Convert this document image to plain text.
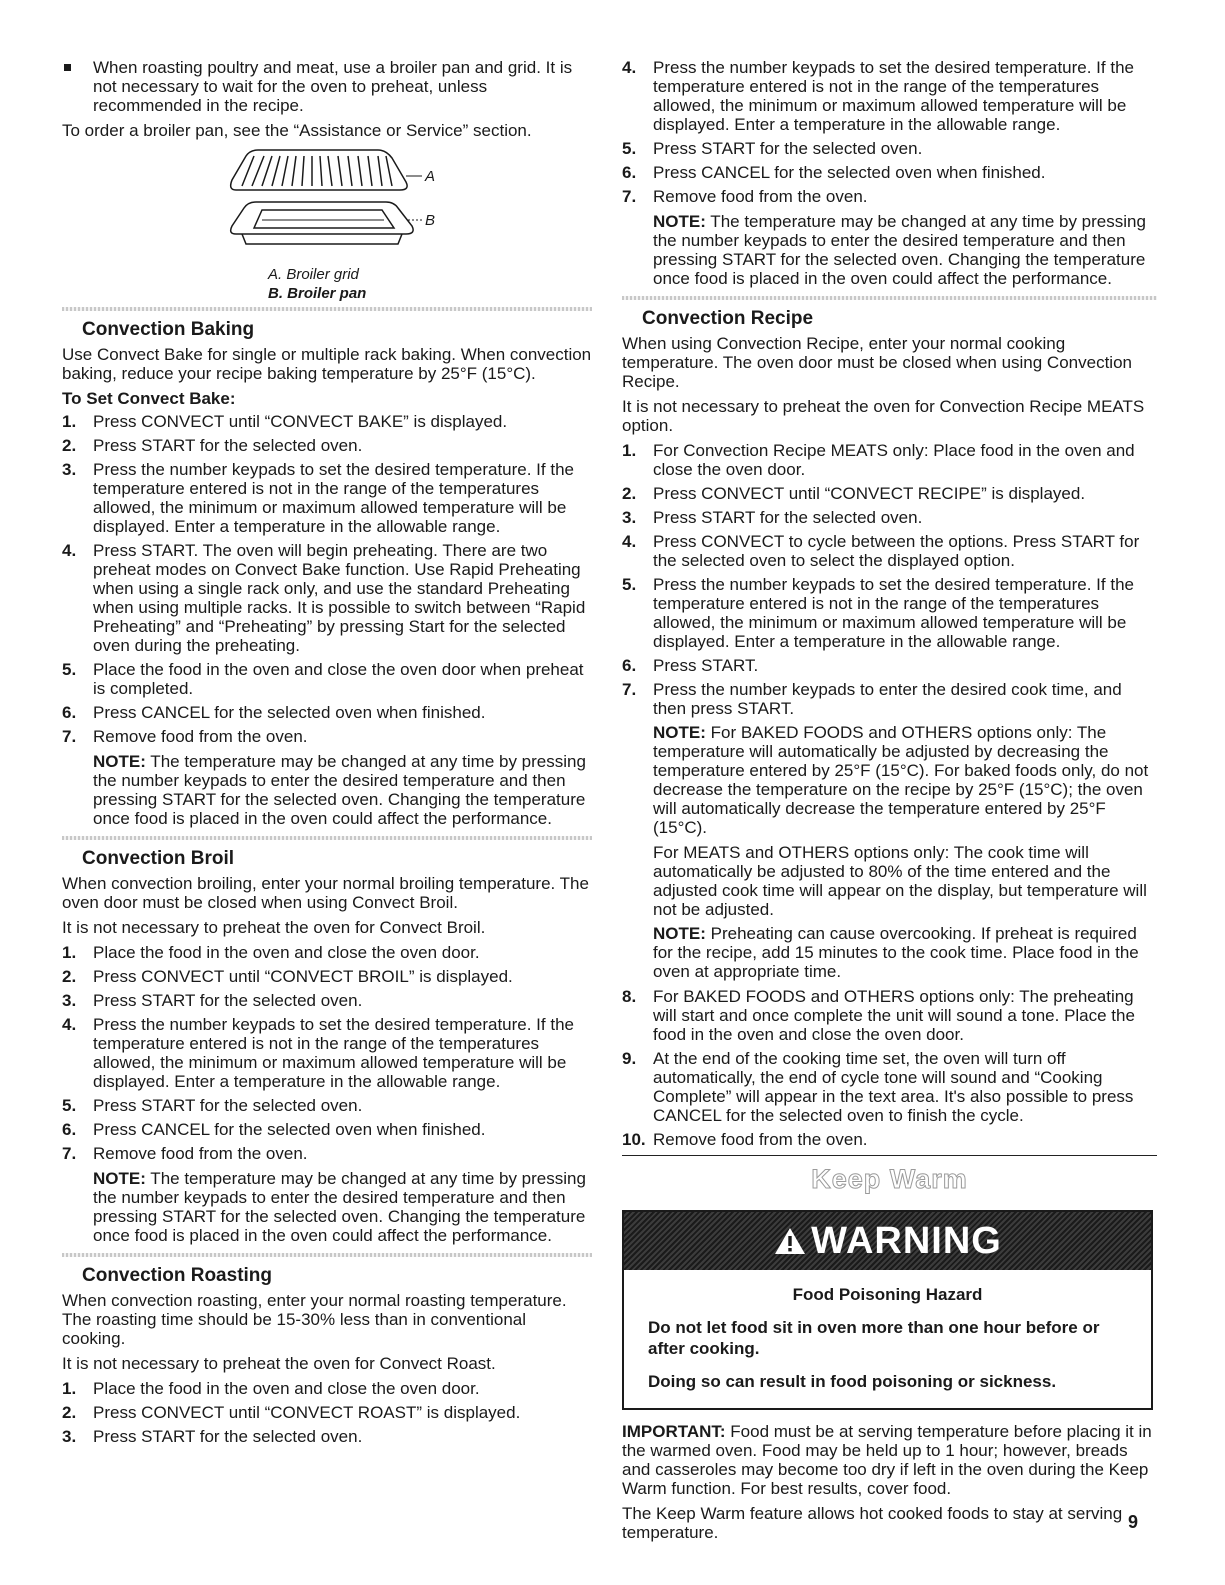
When roasting poultry and meat, use a broiler pan and grid. It is not necessary to wait for the oven to preheat, unless recommended in the recipe.

To order a broiler pan, see the “Assistance or Service” section.

A
B
A. Broiler grid
B. Broiler pan
Convection Baking

Use Convect Bake for single or multiple rack baking. When convection baking, reduce your recipe baking temperature by 25°F (15°C).

To Set Convect Bake:
1. Press CONVECT until “CONVECT BAKE” is displayed.
2. Press START for the selected oven.
3. Press the number keypads to set the desired temperature. If the temperature entered is not in the range of the temperatures allowed, the minimum or maximum allowed temperature will be displayed. Enter a temperature in the allowable range.
4. Press START. The oven will begin preheating. There are two preheat modes on Convect Bake function. Use Rapid Preheating when using a single rack only, and use the standard Preheating when using multiple racks. It is possible to switch between “Rapid Preheating” and “Preheating” by pressing Start for the selected oven during the preheating.
5. Place the food in the oven and close the oven door when preheat is completed.
6. Press CANCEL for the selected oven when finished.
7. Remove food from the oven.

NOTE: The temperature may be changed at any time by pressing the number keypads to enter the desired temperature and then pressing START for the selected oven. Changing the temperature once food is placed in the oven could affect the performance.

Convection Broil

When convection broiling, enter your normal broiling temperature. The oven door must be closed when using Convect Broil.

It is not necessary to preheat the oven for Convect Broil.

1. Place the food in the oven and close the oven door.
2. Press CONVECT until “CONVECT BROIL” is displayed.
3. Press START for the selected oven.
4. Press the number keypads to set the desired temperature. If the temperature entered is not in the range of the temperatures allowed, the minimum or maximum allowed temperature will be displayed. Enter a temperature in the allowable range.
5. Press START for the selected oven.
6. Press CANCEL for the selected oven when finished.
7. Remove food from the oven.

NOTE: The temperature may be changed at any time by pressing the number keypads to enter the desired temperature and then pressing START for the selected oven. Changing the temperature once food is placed in the oven could affect the performance.

Convection Roasting

When convection roasting, enter your normal roasting temperature. The roasting time should be 15-30% less than in conventional cooking.

It is not necessary to preheat the oven for Convect Roast.

1. Place the food in the oven and close the oven door.
2. Press CONVECT until “CONVECT ROAST” is displayed.
3. Press START for the selected oven.
4. Press the number keypads to set the desired temperature. If the temperature entered is not in the range of the temperatures allowed, the minimum or maximum allowed temperature will be displayed. Enter a temperature in the allowable range.
5. Press START for the selected oven.
6. Press CANCEL for the selected oven when finished.
7. Remove food from the oven.

NOTE: The temperature may be changed at any time by pressing the number keypads to enter the desired temperature and then pressing START for the selected oven. Changing the temperature once food is placed in the oven could affect the performance.

Convection Recipe

When using Convection Recipe, enter your normal cooking temperature. The oven door must be closed when using Convection Recipe.

It is not necessary to preheat the oven for Convection Recipe MEATS option.

1. For Convection Recipe MEATS only: Place food in the oven and close the oven door.
2. Press CONVECT until “CONVECT RECIPE” is displayed.
3. Press START for the selected oven.
4. Press CONVECT to cycle between the options. Press START for the selected oven to select the displayed option.
5. Press the number keypads to set the desired temperature. If the temperature entered is not in the range of the temperatures allowed, the minimum or maximum allowed temperature will be displayed. Enter a temperature in the allowable range.
6. Press START.
7. Press the number keypads to enter the desired cook time, and then press START.

NOTE: For BAKED FOODS and OTHERS options only: The temperature will automatically be adjusted by decreasing the temperature entered by 25°F (15°C). For baked foods only, do not decrease the temperature on the recipe by 25°F (15°C); the oven will automatically decrease the temperature entered by 25°F (15°C).

For MEATS and OTHERS options only: The cook time will automatically be adjusted to 80% of the time entered and the adjusted cook time will appear on the display, but temperature will not be adjusted.

NOTE: Preheating can cause overcooking. If preheat is required for the recipe, add 15 minutes to the cook time. Place food in the oven at appropriate time.

8. For BAKED FOODS and OTHERS options only: The preheating will start and once complete the unit will sound a tone. Place the food in the oven and close the oven door.
9. At the end of the cooking time set, the oven will turn off automatically, the end of cycle tone will sound and “Cooking Complete” will appear in the text area. It's also possible to press CANCEL for the selected oven to finish the cycle.
10. Remove food from the oven.
Keep Warm
WARNING
Food Poisoning Hazard
Do not let food sit in oven more than one hour before or after cooking.
Doing so can result in food poisoning or sickness.

IMPORTANT: Food must be at serving temperature before placing it in the warmed oven. Food may be held up to 1 hour; however, breads and casseroles may become too dry if left in the oven during the Keep Warm function. For best results, cover food.

The Keep Warm feature allows hot cooked foods to stay at serving temperature.

9
